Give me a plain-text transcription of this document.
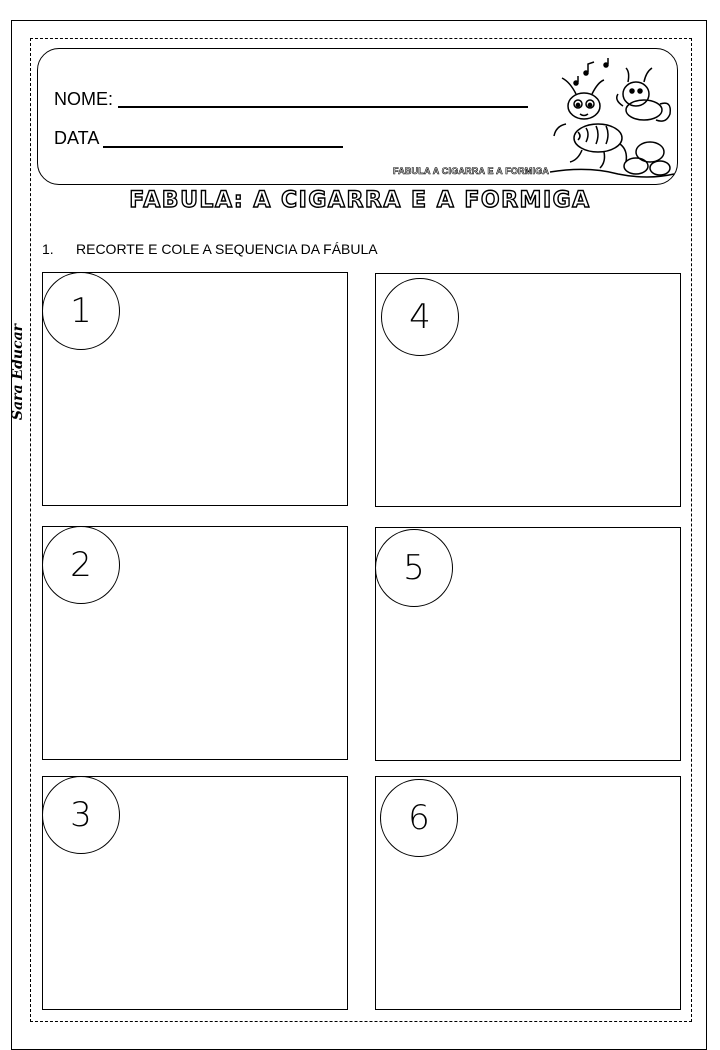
Sara Educar
NOME:
DATA
FABULA A CIGARRA E A FORMIGA
FABULA: A CIGARRA E A FORMIGA
1. RECORTE E COLE A SEQUENCIA DA FÁBULA
1
2
3
4
5
6
